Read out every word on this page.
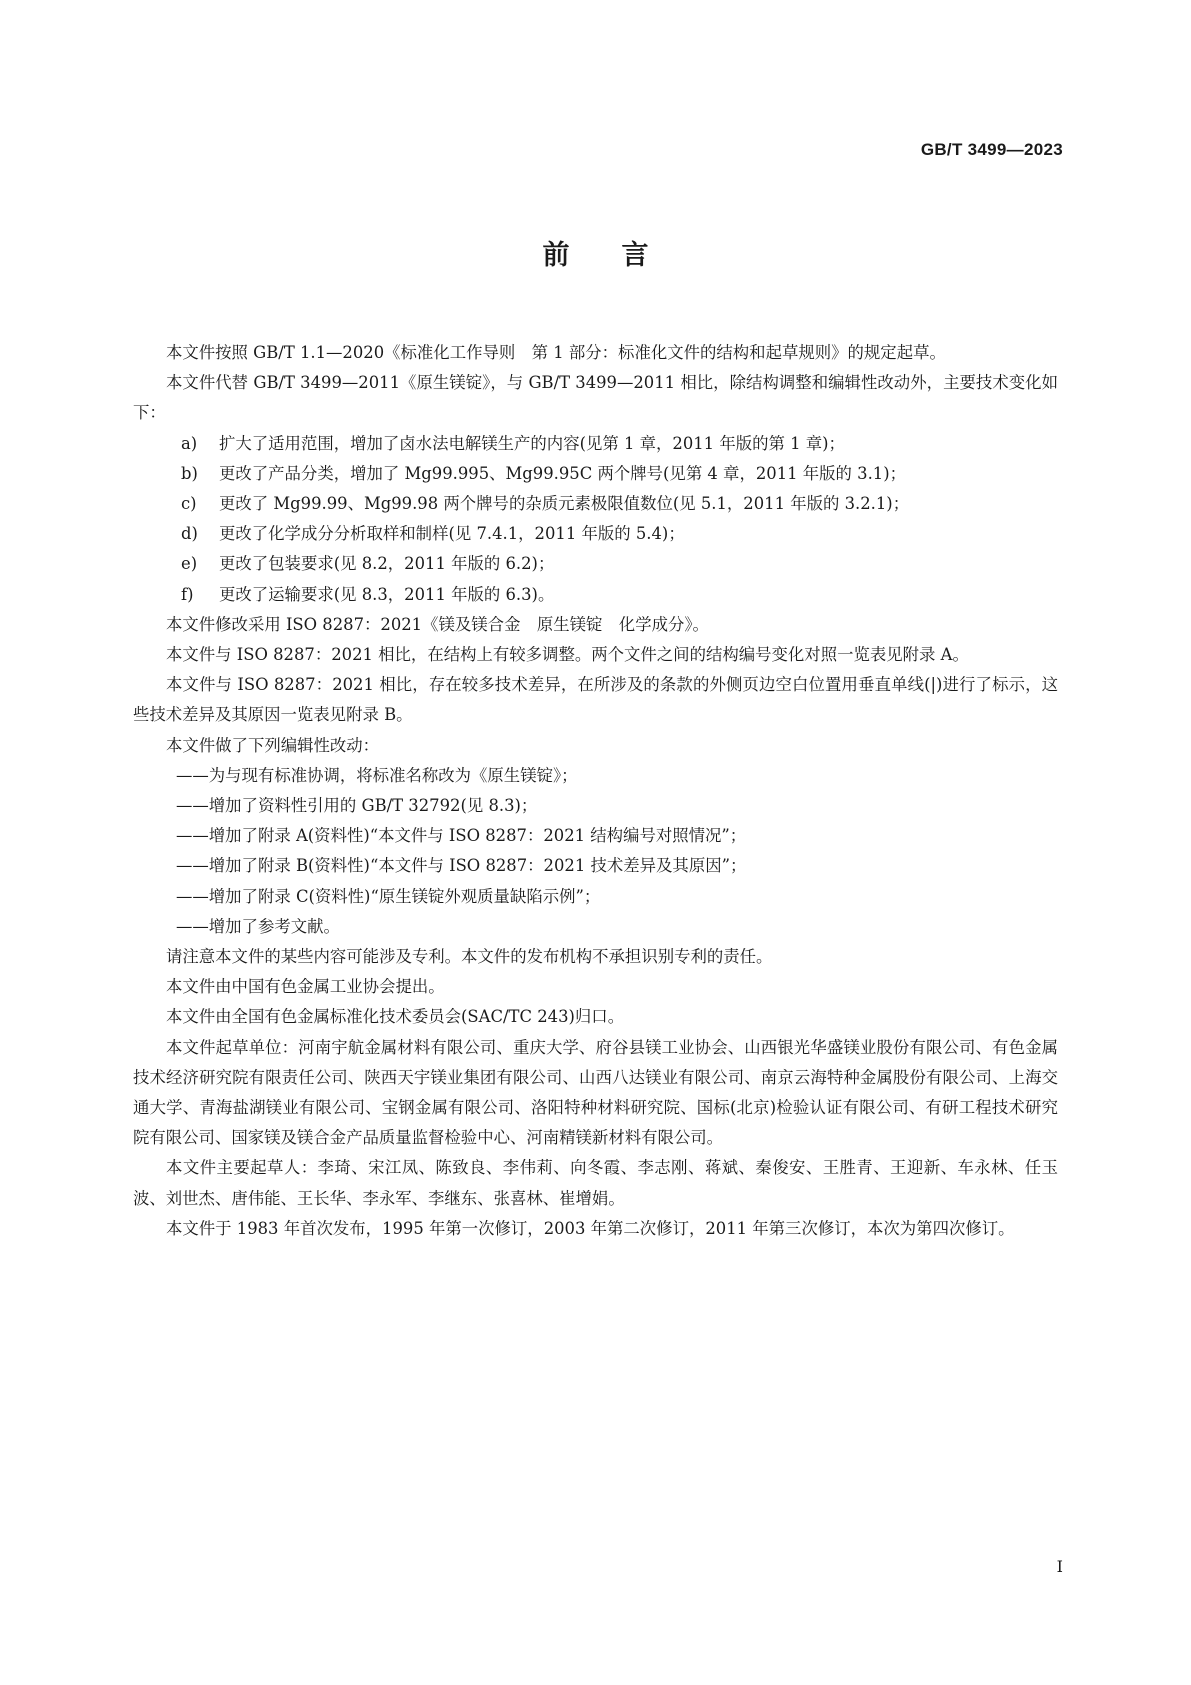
GB/T 3499—2023
前言

本文件按照 GB/T 1.1—2020《标准化工作导则　第 1 部分：标准化文件的结构和起草规则》的规定起草。

本文件代替 GB/T 3499—2011《原生镁锭》，与 GB/T 3499—2011 相比，除结构调整和编辑性改动外，主要技术变化如下：

a) 扩大了适用范围，增加了卤水法电解镁生产的内容(见第 1 章，2011 年版的第 1 章)；

b) 更改了产品分类，增加了 Mg99.995、Mg99.95C 两个牌号(见第 4 章，2011 年版的 3.1)；

c) 更改了 Mg99.99、Mg99.98 两个牌号的杂质元素极限值数位(见 5.1，2011 年版的 3.2.1)；

d) 更改了化学成分分析取样和制样(见 7.4.1，2011 年版的 5.4)；

e) 更改了包装要求(见 8.2，2011 年版的 6.2)；

f) 更改了运输要求(见 8.3，2011 年版的 6.3)。

本文件修改采用 ISO 8287：2021《镁及镁合金　原生镁锭　化学成分》。

本文件与 ISO 8287：2021 相比，在结构上有较多调整。两个文件之间的结构编号变化对照一览表见附录 A。

本文件与 ISO 8287：2021 相比，存在较多技术差异，在所涉及的条款的外侧页边空白位置用垂直单线(|)进行了标示，这些技术差异及其原因一览表见附录 B。

本文件做了下列编辑性改动：

——为与现有标准协调，将标准名称改为《原生镁锭》；

——增加了资料性引用的 GB/T 32792(见 8.3)；

——增加了附录 A(资料性)“本文件与 ISO 8287：2021 结构编号对照情况”；

——增加了附录 B(资料性)“本文件与 ISO 8287：2021 技术差异及其原因”；

——增加了附录 C(资料性)“原生镁锭外观质量缺陷示例”；

——增加了参考文献。

请注意本文件的某些内容可能涉及专利。本文件的发布机构不承担识别专利的责任。

本文件由中国有色金属工业协会提出。

本文件由全国有色金属标准化技术委员会(SAC/TC 243)归口。

本文件起草单位：河南宇航金属材料有限公司、重庆大学、府谷县镁工业协会、山西银光华盛镁业股份有限公司、有色金属技术经济研究院有限责任公司、陕西天宇镁业集团有限公司、山西八达镁业有限公司、南京云海特种金属股份有限公司、上海交通大学、青海盐湖镁业有限公司、宝钢金属有限公司、洛阳特种材料研究院、国标(北京)检验认证有限公司、有研工程技术研究院有限公司、国家镁及镁合金产品质量监督检验中心、河南精镁新材料有限公司。

本文件主要起草人：李琦、宋江凤、陈致良、李伟莉、向冬霞、李志刚、蒋斌、秦俊安、王胜青、王迎新、车永林、任玉波、刘世杰、唐伟能、王长华、李永军、李继东、张喜林、崔增娟。

本文件于 1983 年首次发布，1995 年第一次修订，2003 年第二次修订，2011 年第三次修订，本次为第四次修订。

I
